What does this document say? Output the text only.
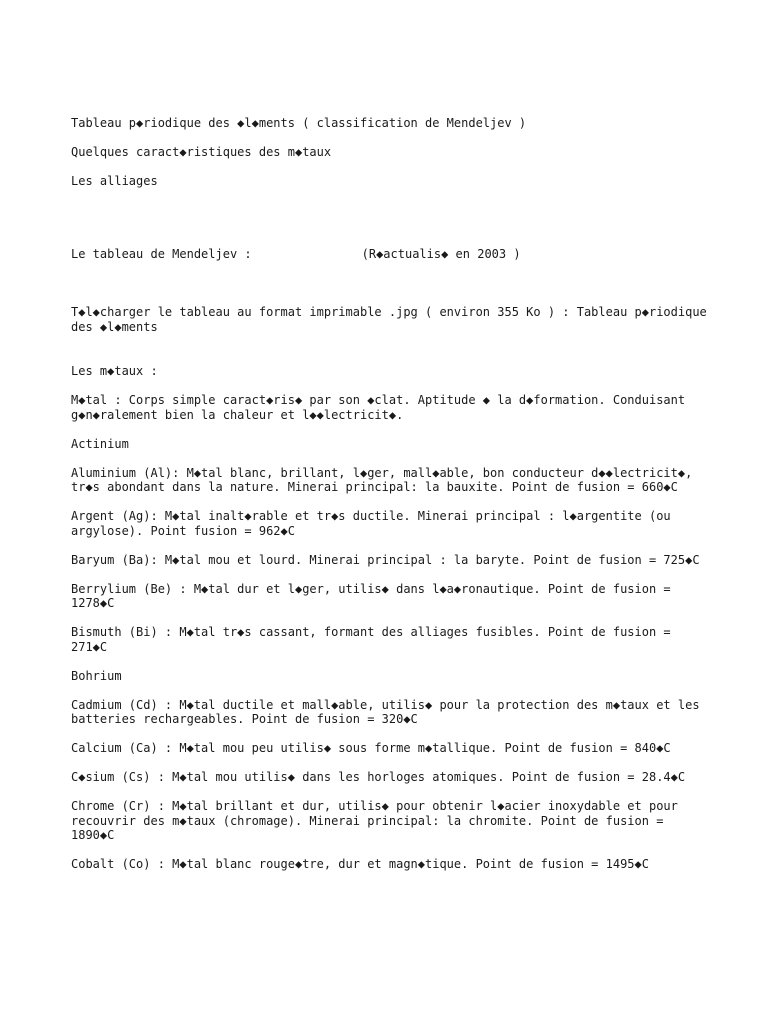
Tableau p◆riodique des ◆l◆ments ( classification de Mendeljev )

Quelques caract◆ristiques des m◆taux

Les alliages

Le tableau de Mendeljev :	(R◆actualis◆ en 2003 )

T◆l◆charger le tableau au format imprimable .jpg ( environ 355 Ko ) : Tableau p◆riodique des ◆l◆ments

Les m◆taux :

M◆tal : Corps simple caract◆ris◆ par son ◆clat. Aptitude ◆ la d◆formation. Conduisant g◆n◆ralement bien la chaleur et l◆◆lectricit◆.

Actinium

Aluminium (Al): M◆tal blanc, brillant, l◆ger, mall◆able, bon conducteur d◆◆lectricit◆, tr◆s abondant dans la nature. Minerai principal: la bauxite. Point de fusion = 660◆C

Argent (Ag): M◆tal inalt◆rable et tr◆s ductile. Minerai principal : l◆argentite (ou argylose). Point fusion = 962◆C

Baryum (Ba): M◆tal mou et lourd. Minerai principal : la baryte. Point de fusion = 725◆C

Berrylium (Be) : M◆tal dur et l◆ger, utilis◆ dans l◆a◆ronautique. Point de fusion = 1278◆C

Bismuth (Bi) : M◆tal tr◆s cassant, formant des alliages fusibles. Point de fusion = 271◆C

Bohrium

Cadmium (Cd) : M◆tal ductile et mall◆able, utilis◆ pour la protection des m◆taux et les batteries rechargeables. Point de fusion = 320◆C

Calcium (Ca) : M◆tal mou peu utilis◆ sous forme m◆tallique. Point de fusion = 840◆C

C◆sium (Cs) : M◆tal mou utilis◆ dans les horloges atomiques. Point de fusion = 28.4◆C

Chrome (Cr) : M◆tal brillant et dur, utilis◆ pour obtenir l◆acier inoxydable et pour recouvrir des m◆taux (chromage). Minerai principal: la chromite. Point de fusion = 1890◆C

Cobalt (Co) : M◆tal blanc rouge◆tre, dur et magn◆tique. Point de fusion = 1495◆C
